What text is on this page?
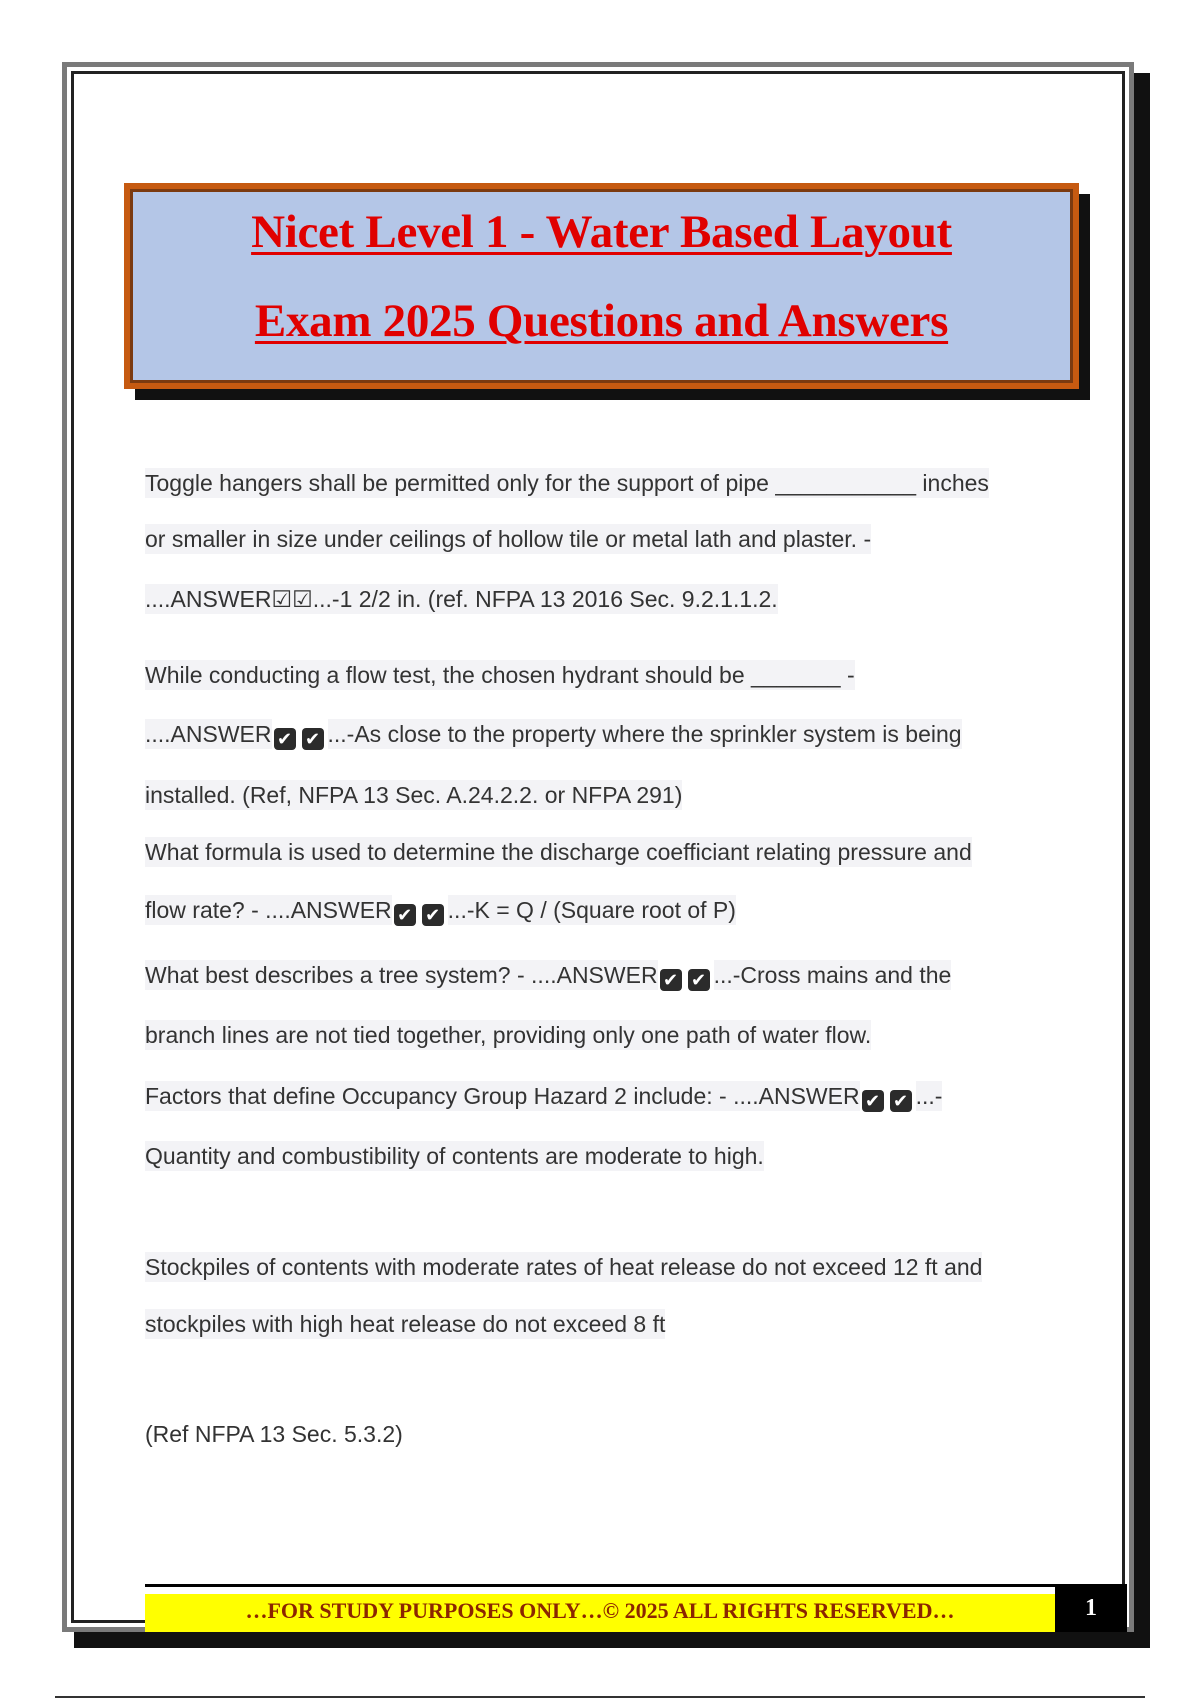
Nicet Level 1 - Water Based Layout
Exam 2025 Questions and Answers
Toggle hangers shall be permitted only for the support of pipe ___________ inches
or smaller in size under ceilings of hollow tile or metal lath and plaster. -
....ANSWER☑☑...-1 2/2 in. (ref. NFPA 13 2016 Sec. 9.2.1.1.2.
While conducting a flow test, the chosen hydrant should be _______ -
....ANSWER ✔ ✔ ...-As close to the property where the sprinkler system is being
installed. (Ref, NFPA 13 Sec. A.24.2.2. or NFPA 291)
What formula is used to determine the discharge coefficiant relating pressure and
flow rate? - ....ANSWER ✔ ✔ ...-K = Q / (Square root of P)
What best describes a tree system? - ....ANSWER ✔ ✔ ...-Cross mains and the
branch lines are not tied together, providing only one path of water flow.
Factors that define Occupancy Group Hazard 2 include: - ....ANSWER ✔ ✔ ...-
Quantity and combustibility of contents are moderate to high.
Stockpiles of contents with moderate rates of heat release do not exceed 12 ft and
stockpiles with high heat release do not exceed 8 ft
(Ref NFPA 13 Sec. 5.3.2)
…FOR STUDY PURPOSES ONLY…© 2025 ALL RIGHTS RESERVED…	1
